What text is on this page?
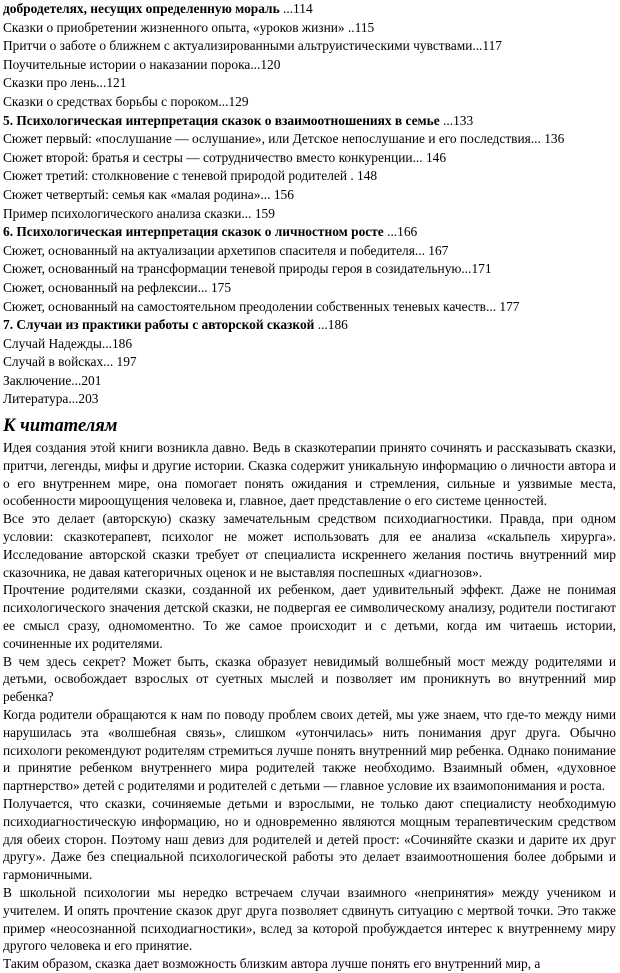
добродетелях, несущих определенную мораль ...114
Сказки о приобретении жизненного опыта, «уроков жизни» ..115
Притчи о заботе о ближнем с актуализированными альтруистическими чувствами...117
Поучительные истории о наказании порока...120
Сказки про лень...121
Сказки о средствах борьбы с пороком...129
5. Психологическая интерпретация сказок о взаимоотношениях в семье ...133
Сюжет первый: «послушание — ослушание», или Детское непослушание и его последствия... 136
Сюжет второй: братья и сестры — сотрудничество вместо конкуренции... 146
Сюжет третий: столкновение с теневой природой родителей . 148
Сюжет четвертый: семья как «малая родина»... 156
Пример психологического анализа сказки... 159
6. Психологическая интерпретация сказок о личностном росте ...166
Сюжет, основанный на актуализации архетипов спасителя и победителя... 167
Сюжет, основанный на трансформации теневой природы героя в созидательную...171
Сюжет, основанный на рефлексии... 175
Сюжет, основанный на самостоятельном преодолении собственных теневых качеств... 177
7. Случаи из практики работы с авторской сказкой ...186
Случай Надежды...186
Случай в войсках... 197
Заключение...201
Литература...203
К читателям

Идея создания этой книги возникла давно. Ведь в сказкотерапии принято сочинять и рассказывать сказки, притчи, легенды, мифы и другие истории. Сказка содержит уникальную информацию о личности автора и о его внутреннем мире, она помогает понять ожидания и стремления, сильные и уязвимые места, особенности мироощущения человека и, главное, дает представление о его системе ценностей.

Все это делает (авторскую) сказку замечательным средством психодиагностики. Правда, при одном условии: сказкотерапевт, психолог не может использовать для ее анализа «скальпель хирурга». Исследование авторской сказки требует от специалиста искреннего желания постичь внутренний мир сказочника, не давая категоричных оценок и не выставляя поспешных «диагнозов».

Прочтение родителями сказки, созданной их ребенком, дает удивительный эффект. Даже не понимая психологического значения детской сказки, не подвергая ее символическому анализу, родители постигают ее смысл сразу, одномоментно. То же самое происходит и с детьми, когда им читаешь истории, сочиненные их родителями.

В чем здесь секрет? Может быть, сказка образует невидимый волшебный мост между родителями и детьми, освобождает взрослых от суетных мыслей и позволяет им проникнуть во внутренний мир ребенка?

Когда родители обращаются к нам по поводу проблем своих детей, мы уже знаем, что где-то между ними нарушилась эта «волшебная связь», слишком «утончилась» нить понимания друг друга. Обычно психологи рекомендуют родителям стремиться лучше понять внутренний мир ребенка. Однако понимание и принятие ребенком внутреннего мира родителей также необходимо. Взаимный обмен, «духовное партнерство» детей с родителями и родителей с детьми — главное условие их взаимопонимания и роста.

Получается, что сказки, сочиняемые детьми и взрослыми, не только дают специалисту необходимую психодиагностическую информацию, но и одновременно являются мощным терапевтическим средством для обеих сторон. Поэтому наш девиз для родителей и детей прост: «Сочиняйте сказки и дарите их друг другу». Даже без специальной психологической работы это делает взаимоотношения более добрыми и гармоничными.

В школьной психологии мы нередко встречаем случаи взаимного «непринятия» между учеником и учителем. И опять прочтение сказок друг друга позволяет сдвинуть ситуацию с мертвой точки. Это также пример «неосознанной психодиагностики», вслед за которой пробуждается интерес к внутреннему миру другого человека и его принятие.

Таким образом, сказка дает возможность близким автора лучше понять его внутренний мир, а
